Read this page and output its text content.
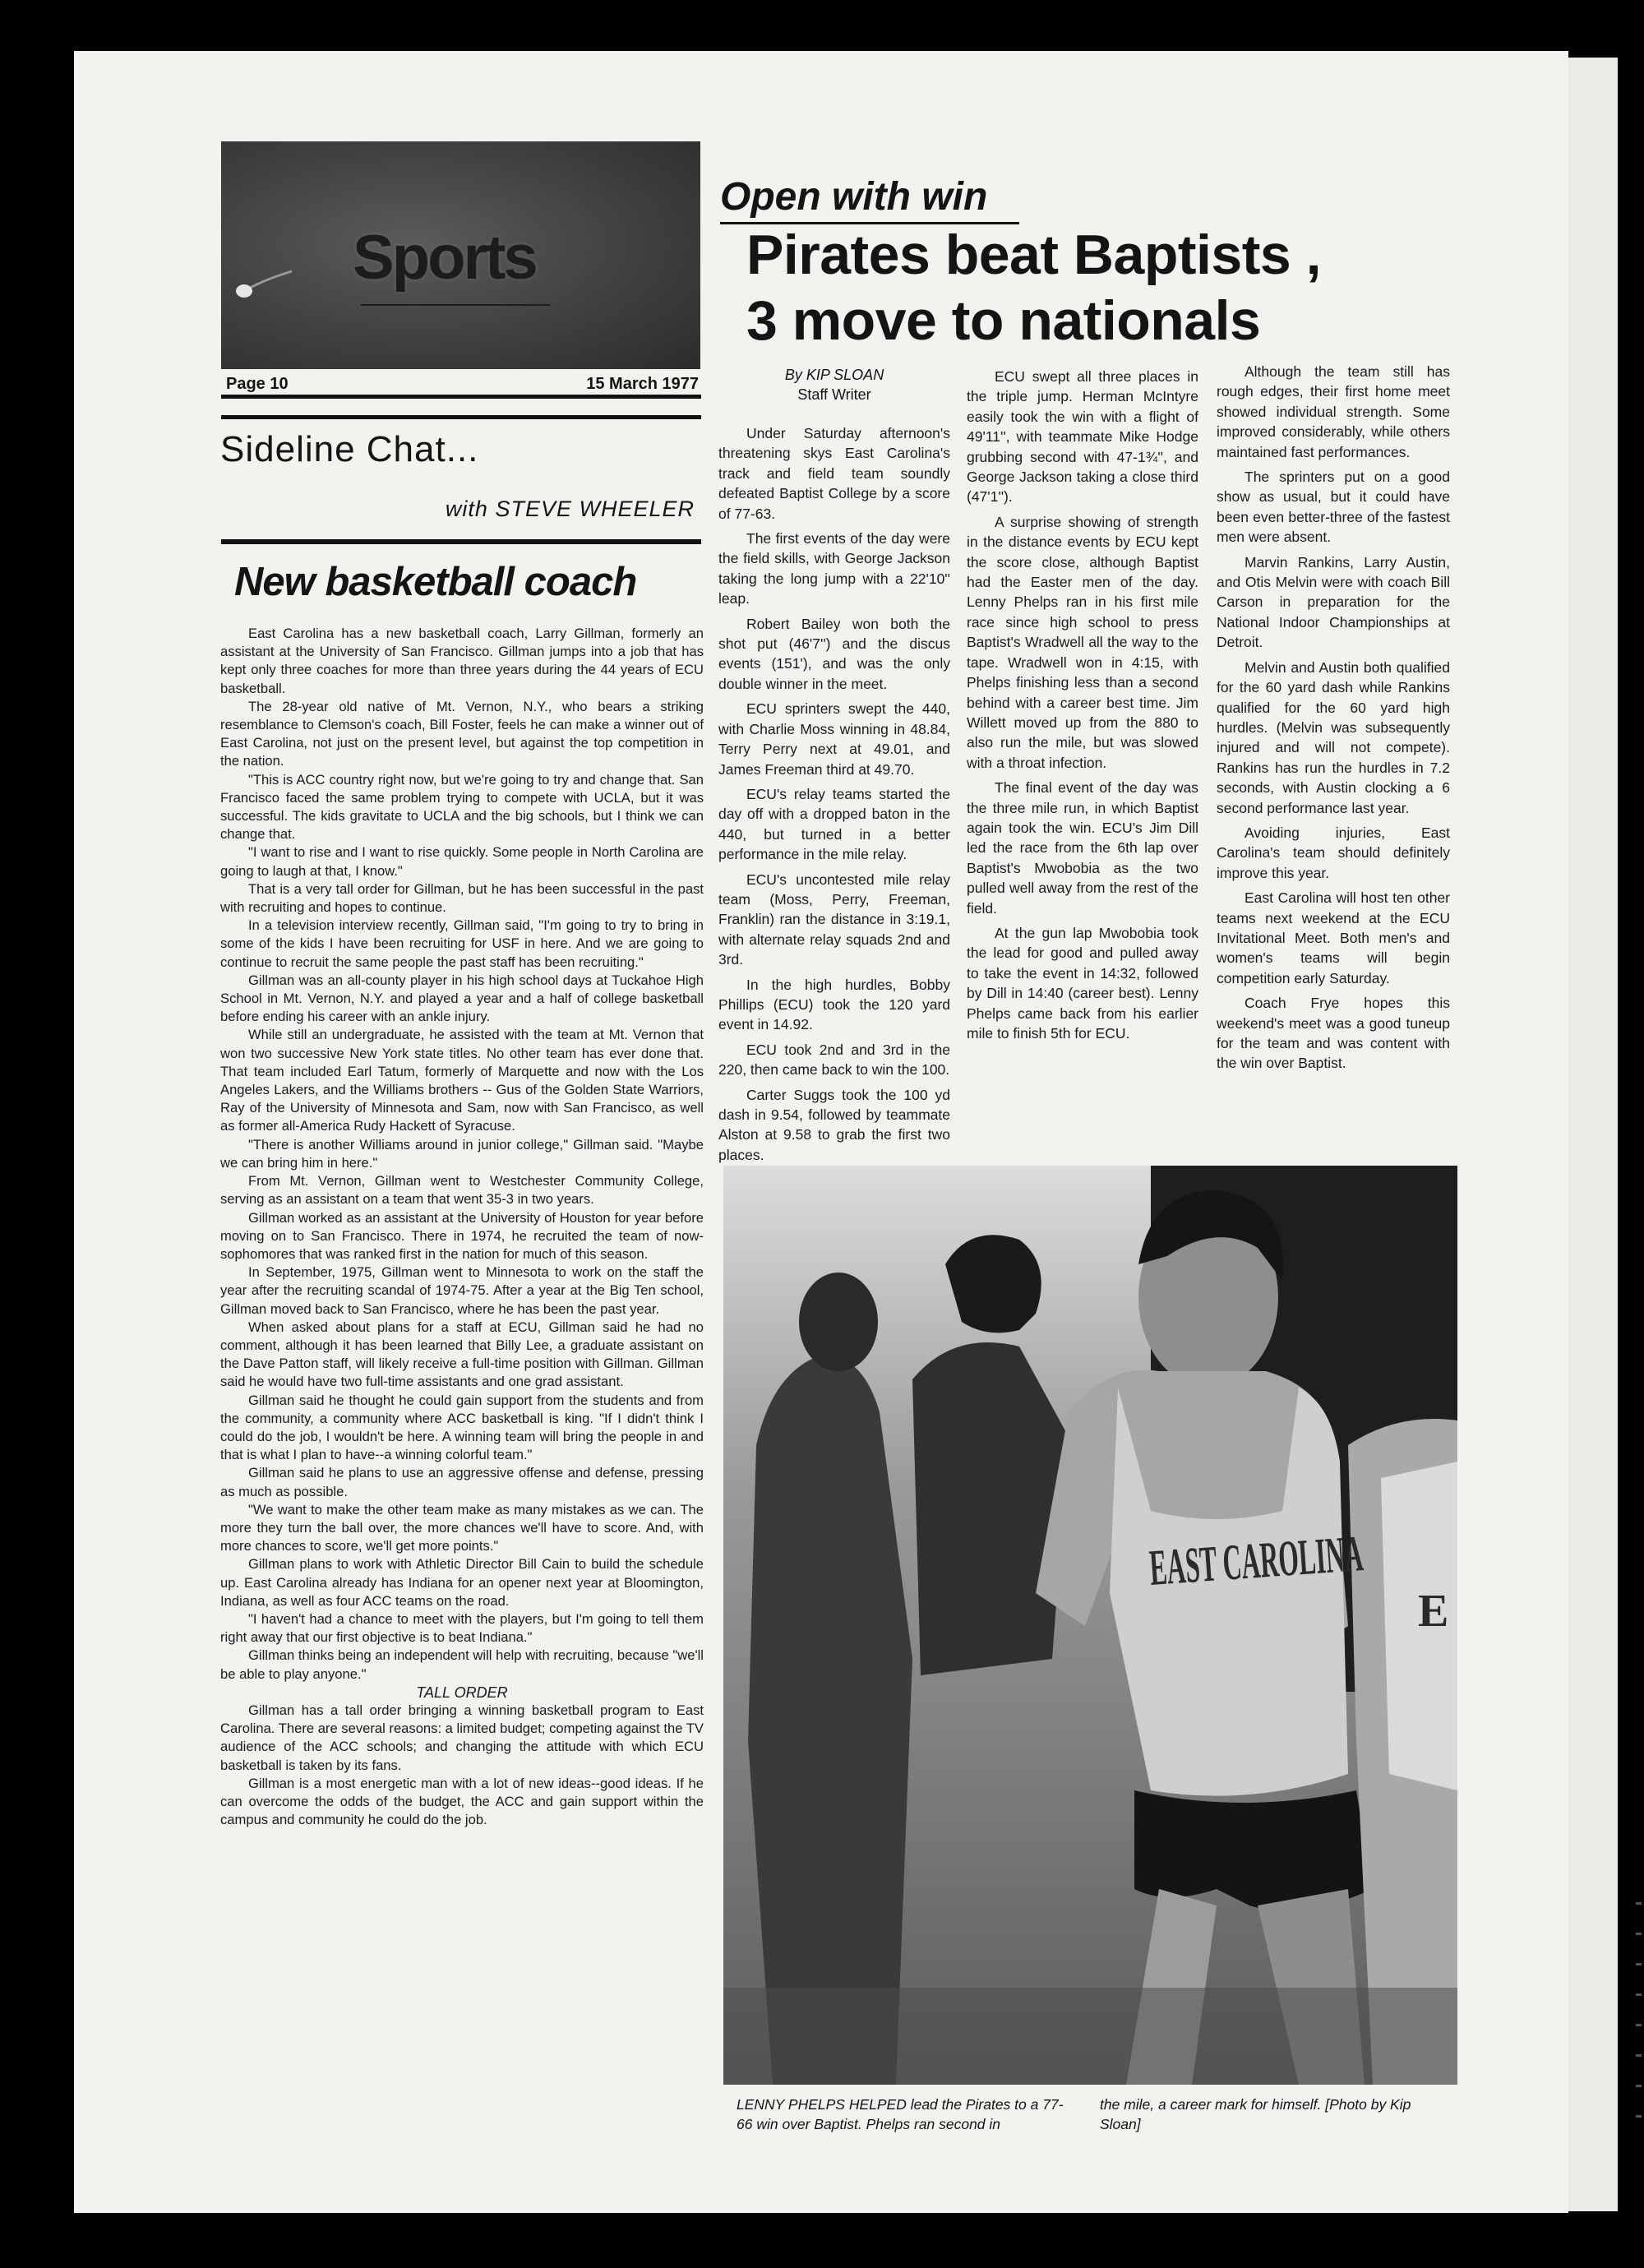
Sports
Page 10	15 March 1977
Sideline Chat...
with STEVE WHEELER
New basketball coach

East Carolina has a new basketball coach, Larry Gillman, formerly an assistant at the University of San Francisco. Gillman jumps into a job that has kept only three coaches for more than three years during the 44 years of ECU basketball.

The 28-year old native of Mt. Vernon, N.Y., who bears a striking resemblance to Clemson's coach, Bill Foster, feels he can make a winner out of East Carolina, not just on the present level, but against the top competition in the nation.

"This is ACC country right now, but we're going to try and change that. San Francisco faced the same problem trying to compete with UCLA, but it was successful. The kids gravitate to UCLA and the big schools, but I think we can change that.

"I want to rise and I want to rise quickly. Some people in North Carolina are going to laugh at that, I know."

That is a very tall order for Gillman, but he has been successful in the past with recruiting and hopes to continue.

In a television interview recently, Gillman said, "I'm going to try to bring in some of the kids I have been recruiting for USF in here. And we are going to continue to recruit the same people the past staff has been recruiting."

Gillman was an all-county player in his high school days at Tuckahoe High School in Mt. Vernon, N.Y. and played a year and a half of college basketball before ending his career with an ankle injury.

While still an undergraduate, he assisted with the team at Mt. Vernon that won two successive New York state titles. No other team has ever done that. That team included Earl Tatum, formerly of Marquette and now with the Los Angeles Lakers, and the Williams brothers -- Gus of the Golden State Warriors, Ray of the University of Minnesota and Sam, now with San Francisco, as well as former all-America Rudy Hackett of Syracuse.

"There is another Williams around in junior college," Gillman said. "Maybe we can bring him in here."

From Mt. Vernon, Gillman went to Westchester Community College, serving as an assistant on a team that went 35-3 in two years.

Gillman worked as an assistant at the University of Houston for year before moving on to San Francisco. There in 1974, he recruited the team of now-sophomores that was ranked first in the nation for much of this season.

In September, 1975, Gillman went to Minnesota to work on the staff the year after the recruiting scandal of 1974-75. After a year at the Big Ten school, Gillman moved back to San Francisco, where he has been the past year.

When asked about plans for a staff at ECU, Gillman said he had no comment, although it has been learned that Billy Lee, a graduate assistant on the Dave Patton staff, will likely receive a full-time position with Gillman. Gillman said he would have two full-time assistants and one grad assistant.

Gillman said he thought he could gain support from the students and from the community, a community where ACC basketball is king. "If I didn't think I could do the job, I wouldn't be here. A winning team will bring the people in and that is what I plan to have--a winning colorful team."

Gillman said he plans to use an aggressive offense and defense, pressing as much as possible.

"We want to make the other team make as many mistakes as we can. The more they turn the ball over, the more chances we'll have to score. And, with more chances to score, we'll get more points."

Gillman plans to work with Athletic Director Bill Cain to build the schedule up. East Carolina already has Indiana for an opener next year at Bloomington, Indiana, as well as four ACC teams on the road.

"I haven't had a chance to meet with the players, but I'm going to tell them right away that our first objective is to beat Indiana."

Gillman thinks being an independent will help with recruiting, because "we'll be able to play anyone."

TALL ORDER

Gillman has a tall order bringing a winning basketball program to East Carolina. There are several reasons: a limited budget; competing against the TV audience of the ACC schools; and changing the attitude with which ECU basketball is taken by its fans.

Gillman is a most energetic man with a lot of new ideas--good ideas. If he can overcome the odds of the budget, the ACC and gain support within the campus and community he could do the job.

Open with win
Pirates beat Baptists ,
3 move to nationals
By KIP SLOAN
Staff Writer

Under Saturday afternoon's threatening skys East Carolina's track and field team soundly defeated Baptist College by a score of 77-63.

The first events of the day were the field skills, with George Jackson taking the long jump with a 22'10'' leap.

Robert Bailey won both the shot put (46'7'') and the discus events (151'), and was the only double winner in the meet.

ECU sprinters swept the 440, with Charlie Moss winning in 48.84, Terry Perry next at 49.01, and James Freeman third at 49.70.

ECU's relay teams started the day off with a dropped baton in the 440, but turned in a better performance in the mile relay.

ECU's uncontested mile relay team (Moss, Perry, Freeman, Franklin) ran the distance in 3:19.1, with alternate relay squads 2nd and 3rd.

In the high hurdles, Bobby Phillips (ECU) took the 120 yard event in 14.92.

ECU took 2nd and 3rd in the 220, then came back to win the 100.

Carter Suggs took the 100 yd dash in 9.54, followed by teammate Alston at 9.58 to grab the first two places.

ECU swept all three places in the triple jump. Herman McIntyre easily took the win with a flight of 49'11'', with teammate Mike Hodge grubbing second with 47-1¾'', and George Jackson taking a close third (47'1'').

A surprise showing of strength in the distance events by ECU kept the score close, although Baptist had the Easter men of the day. Lenny Phelps ran in his first mile race since high school to press Baptist's Wradwell all the way to the tape. Wradwell won in 4:15, with Phelps finishing less than a second behind with a career best time. Jim Willett moved up from the 880 to also run the mile, but was slowed with a throat infection.

The final event of the day was the three mile run, in which Baptist again took the win. ECU's Jim Dill led the race from the 6th lap over Baptist's Mwobobia as the two pulled well away from the rest of the field.

At the gun lap Mwobobia took the lead for good and pulled away to take the event in 14:32, followed by Dill in 14:40 (career best). Lenny Phelps came back from his earlier mile to finish 5th for ECU.

Although the team still has rough edges, their first home meet showed individual strength. Some improved considerably, while others maintained fast performances.

The sprinters put on a good show as usual, but it could have been even better-three of the fastest men were absent.

Marvin Rankins, Larry Austin, and Otis Melvin were with coach Bill Carson in preparation for the National Indoor Championships at Detroit.

Melvin and Austin both qualified for the 60 yard dash while Rankins qualified for the 60 yard high hurdles. (Melvin was subsequently injured and will not compete). Rankins has run the hurdles in 7.2 seconds, with Austin clocking a 6 second performance last year.

Avoiding injuries, East Carolina's team should definitely improve this year.

East Carolina will host ten other teams next weekend at the ECU Invitational Meet. Both men's and women's teams will begin competition early Saturday.

Coach Frye hopes this weekend's meet was a good tuneup for the team and was content with the win over Baptist.

E
EAST CAROLINA
LENNY PHELPS HELPED lead the Pirates to a 77-66 win over Baptist. Phelps ran second in
the mile, a career mark for himself. [Photo by Kip Sloan]
